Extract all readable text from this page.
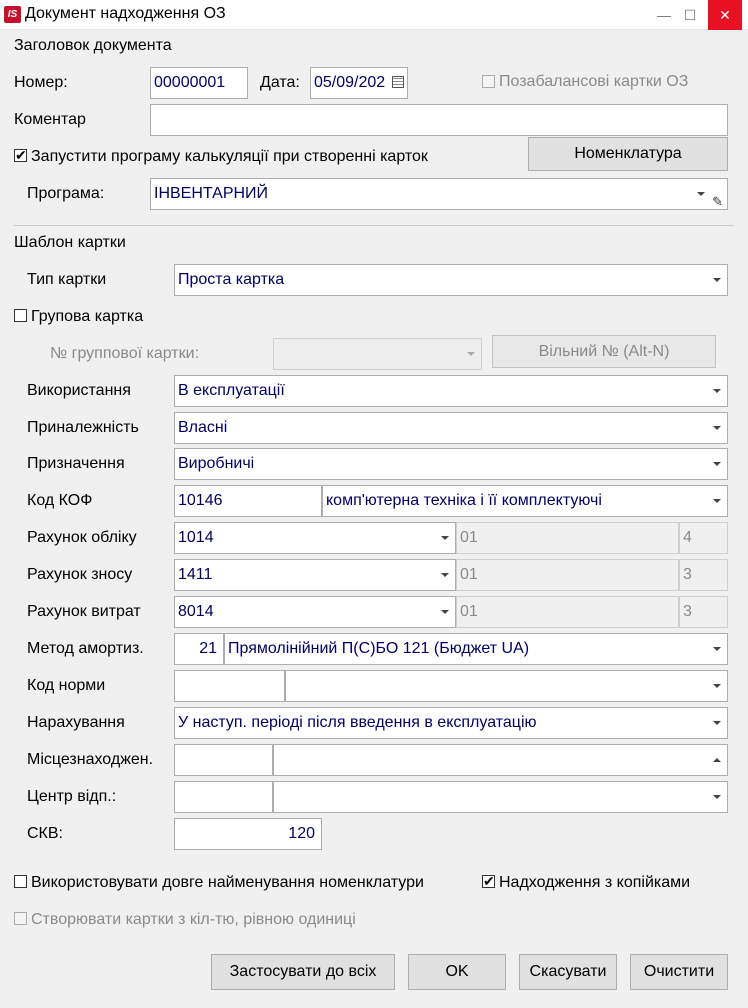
IS Документ надходження ОЗ	— ☐	✕
Заголовок документа
Номер:	00000001	Дата: 05/09/202	Позабалансові картки ОЗ
Коментар
✔ Запустити програму калькуляції при створенні карток	Номенклатура
Програма:	ІНВЕНТАРНИЙ	✎
Шаблон картки
Тип картки	Проста картка
Групова картка
№ группової картки:	Вільний № (Alt-N)
Використання	В експлуатації
Приналежність Власні
Призначення	Виробничі
Код КОФ	10146	комп'ютерна техніка і її комплектуючі
Рахунок обліку	1014	01	4
Рахунок зносу	1411	01	3
Рахунок витрат 8014	01	3
Метод амортиз.	21 Прямолінійний П(С)БО 121 (Бюджет UA)
Код норми
Нарахування	У наступ. періоді після введення в експлуатацію
Місцезнаходжен.
Центр відп.:
СКВ:	120
Використовувати довге найменування номенклатури	✔ Надходження з копійками
Створювати картки з кіл-тю, рівною одиниці
Застосувати до всіх	OK	Скасувати	Очистити
